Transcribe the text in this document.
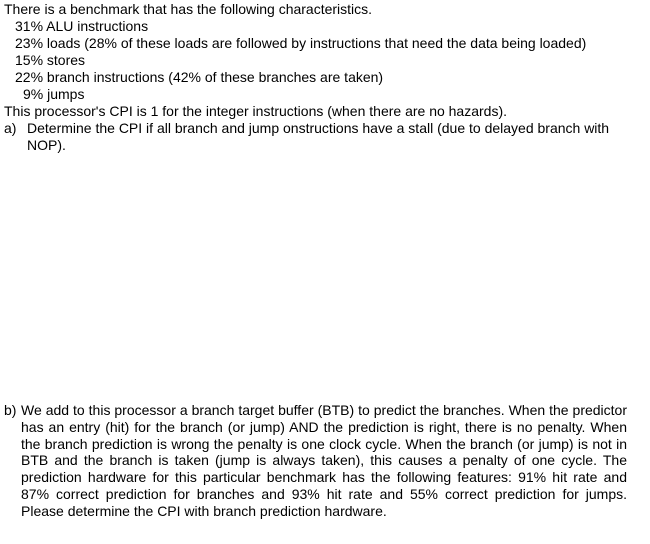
There is a benchmark that has the following characteristics.
31% ALU instructions
23% loads (28% of these loads are followed by instructions that need the data being loaded)
15% stores
22% branch instructions (42% of these branches are taken)
9% jumps
This processor's CPI is 1 for the integer instructions (when there are no hazards).
a) Determine the CPI if all branch and jump onstructions have a stall (due to delayed branch with
NOP).
b) We add to this processor a branch target buffer (BTB) to predict the branches. When the predictor has an entry (hit) for the branch (or jump) AND the prediction is right, there is no penalty. When the branch prediction is wrong the penalty is one clock cycle. When the branch (or jump) is not in BTB and the branch is taken (jump is always taken), this causes a penalty of one cycle. The prediction hardware for this particular benchmark has the following features: 91% hit rate and 87% correct prediction for branches and 93% hit rate and 55% correct prediction for jumps. Please determine the CPI with branch prediction hardware.
